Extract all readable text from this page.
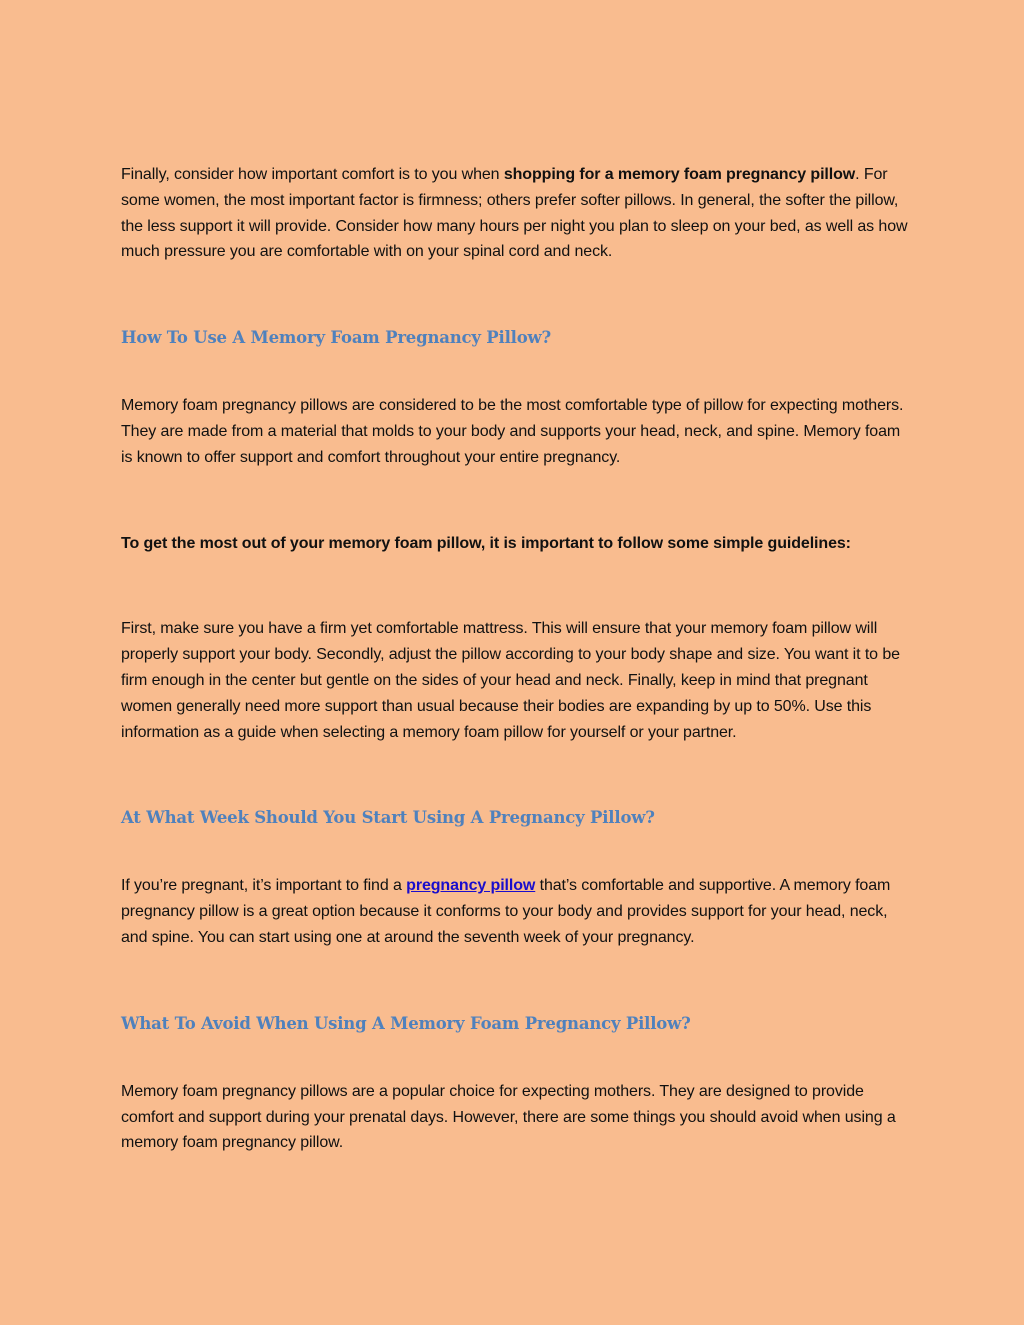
Finally, consider how important comfort is to you when shopping for a memory foam pregnancy pillow. For some women, the most important factor is firmness; others prefer softer pillows. In general, the softer the pillow, the less support it will provide. Consider how many hours per night you plan to sleep on your bed, as well as how much pressure you are comfortable with on your spinal cord and neck.

How To Use A Memory Foam Pregnancy Pillow?

Memory foam pregnancy pillows are considered to be the most comfortable type of pillow for expecting mothers. They are made from a material that molds to your body and supports your head, neck, and spine. Memory foam is known to offer support and comfort throughout your entire pregnancy.

To get the most out of your memory foam pillow, it is important to follow some simple guidelines:

First, make sure you have a firm yet comfortable mattress. This will ensure that your memory foam pillow will properly support your body. Secondly, adjust the pillow according to your body shape and size. You want it to be firm enough in the center but gentle on the sides of your head and neck. Finally, keep in mind that pregnant women generally need more support than usual because their bodies are expanding by up to 50%. Use this information as a guide when selecting a memory foam pillow for yourself or your partner.

At What Week Should You Start Using A Pregnancy Pillow?

If you’re pregnant, it’s important to find a pregnancy pillow that’s comfortable and supportive. A memory foam pregnancy pillow is a great option because it conforms to your body and provides support for your head, neck, and spine. You can start using one at around the seventh week of your pregnancy.

What To Avoid When Using A Memory Foam Pregnancy Pillow?

Memory foam pregnancy pillows are a popular choice for expecting mothers. They are designed to provide comfort and support during your prenatal days. However, there are some things you should avoid when using a memory foam pregnancy pillow.
